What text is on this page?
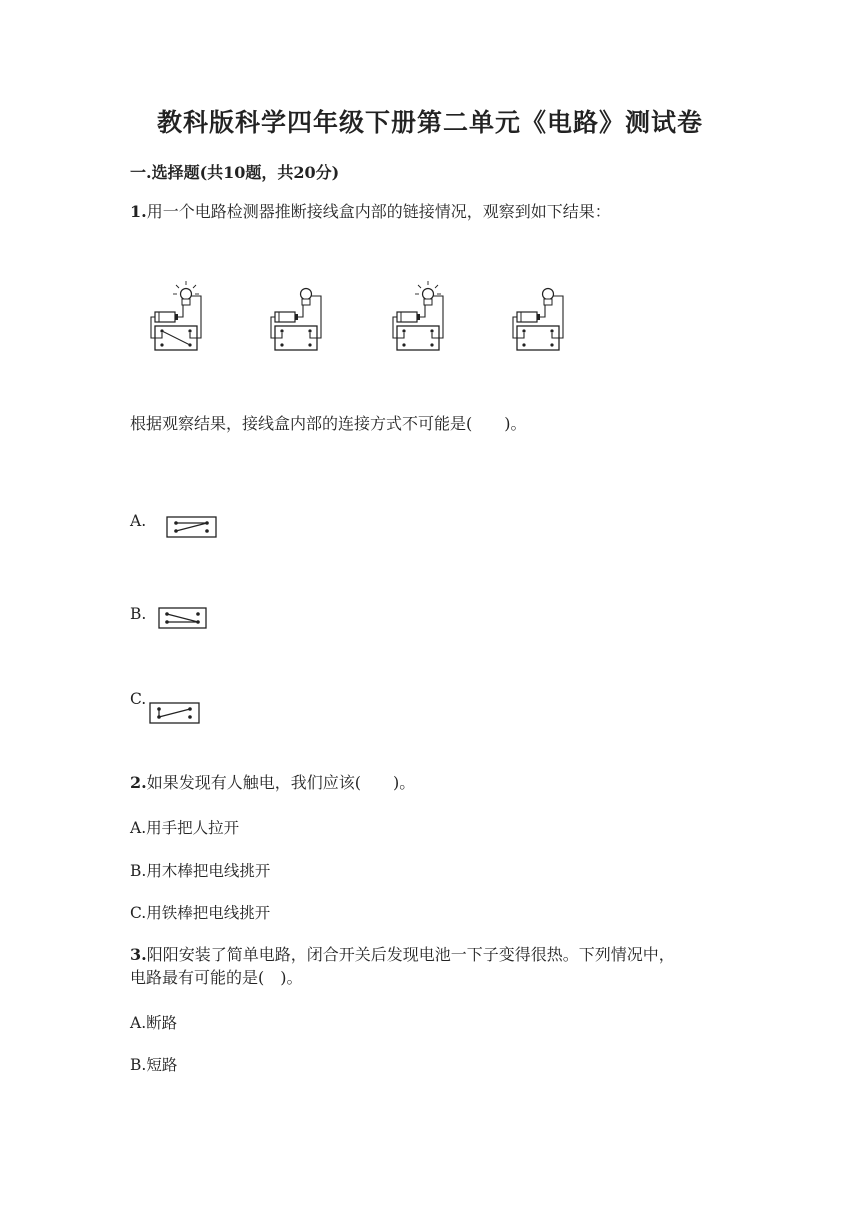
教科版科学四年级下册第二单元《电路》测试卷
一.选择题(共10题，共20分)
1.用一个电路检测器推断接线盒内部的链接情况，观察到如下结果：
根据观察结果，接线盒内部的连接方式不可能是(　　)。
A.
B.
C.
2.如果发现有人触电，我们应该(　　)。
A.用手把人拉开
B.用木棒把电线挑开
C.用铁棒把电线挑开
3.阳阳安装了简单电路，闭合开关后发现电池一下子变得很热。下列情况中，
电路最有可能的是(　)。
A.断路
B.短路
